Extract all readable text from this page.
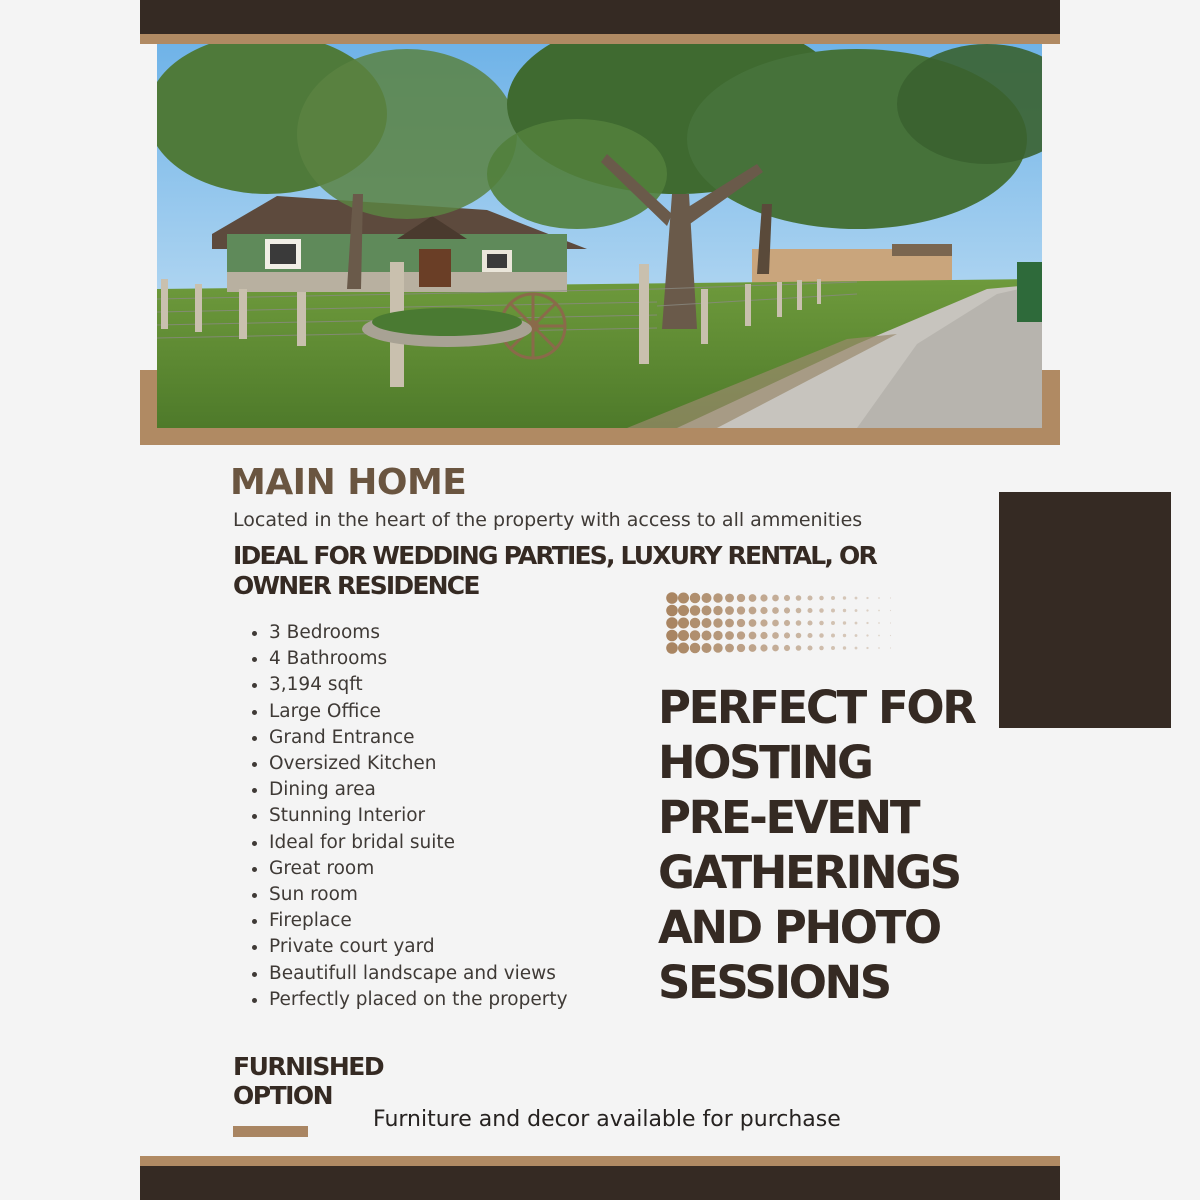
MAIN HOME

Located in the heart of the property with access to all ammenities

IDEAL FOR WEDDING PARTIES, LUXURY RENTAL, OR OWNER RESIDENCE
• 3 Bedrooms
• 4 Bathrooms
• 3,194 sqft
• Large Office
• Grand Entrance
• Oversized Kitchen
• Dining area
• Stunning Interior
• Ideal for bridal suite
• Great room
• Sun room
• Fireplace
• Private court yard
• Beautifull landscape and views
• Perfectly placed on the property
PERFECT FOR HOSTING PRE-EVENT GATHERINGS AND PHOTO SESSIONS
FURNISHED OPTION

Furniture and decor available for purchase
